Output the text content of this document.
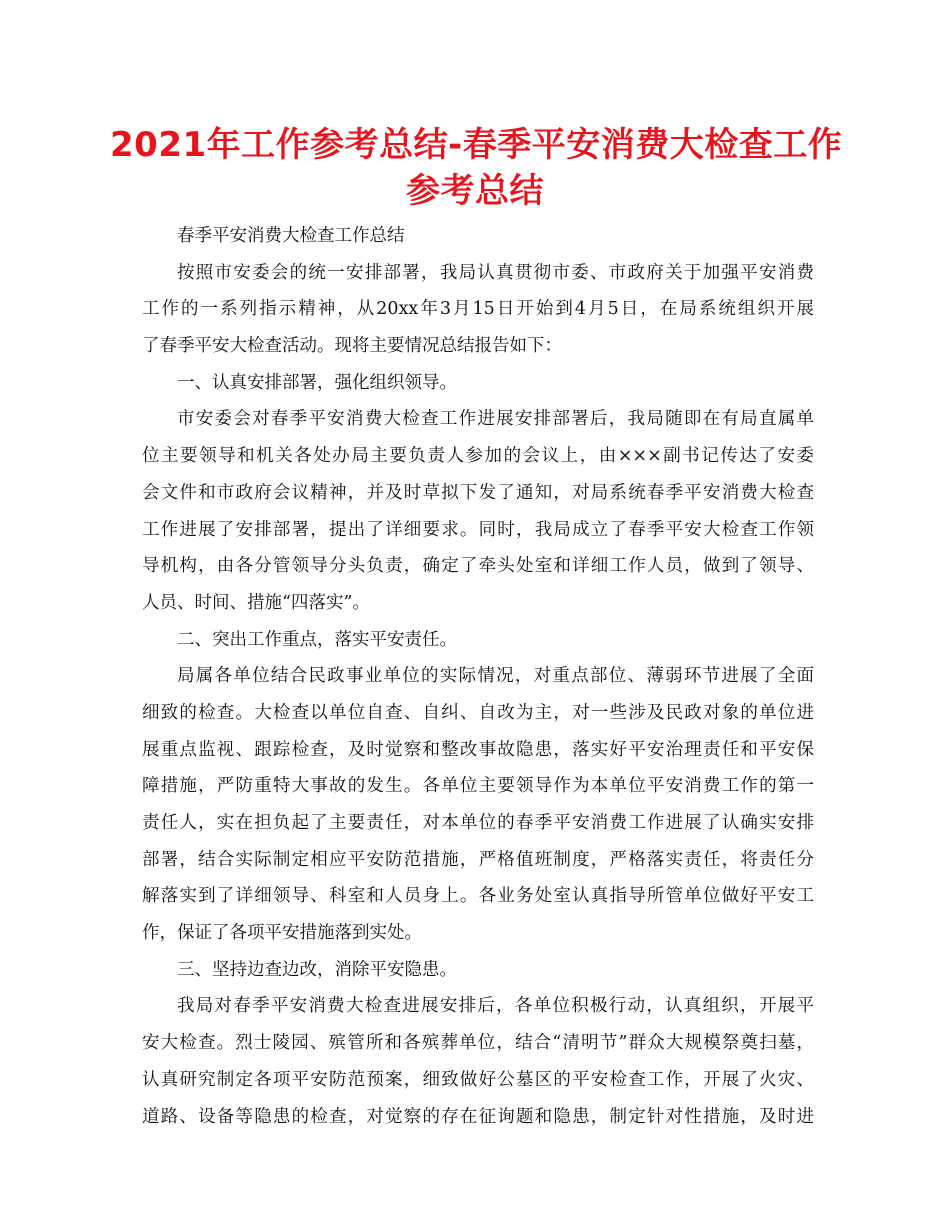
2021年工作参考总结-春季平安消费大检查工作
参考总结
春季平安消费大检查工作总结
按照市安委会的统一安排部署，我局认真贯彻市委、市政府关于加强平安消费
工作的一系列指示精神，从20xx年3月15日开始到4月5日，在局系统组织开展
了春季平安大检查活动。现将主要情况总结报告如下：
一、认真安排部署，强化组织领导。
市安委会对春季平安消费大检查工作进展安排部署后，我局随即在有局直属单
位主要领导和机关各处办局主要负责人参加的会议上，由×××副书记传达了安委
会文件和市政府会议精神，并及时草拟下发了通知，对局系统春季平安消费大检查
工作进展了安排部署，提出了详细要求。同时，我局成立了春季平安大检查工作领
导机构，由各分管领导分头负责，确定了牵头处室和详细工作人员，做到了领导、
人员、时间、措施“四落实”。
二、突出工作重点，落实平安责任。
局属各单位结合民政事业单位的实际情况，对重点部位、薄弱环节进展了全面
细致的检查。大检查以单位自查、自纠、自改为主，对一些涉及民政对象的单位进
展重点监视、跟踪检查，及时觉察和整改事故隐患，落实好平安治理责任和平安保
障措施，严防重特大事故的发生。各单位主要领导作为本单位平安消费工作的第一
责任人，实在担负起了主要责任，对本单位的春季平安消费工作进展了认确实安排
部署，结合实际制定相应平安防范措施，严格值班制度，严格落实责任，将责任分
解落实到了详细领导、科室和人员身上。各业务处室认真指导所管单位做好平安工
作，保证了各项平安措施落到实处。
三、坚持边查边改，消除平安隐患。
我局对春季平安消费大检查进展安排后，各单位积极行动，认真组织，开展平
安大检查。烈士陵园、殡管所和各殡葬单位，结合“清明节”群众大规模祭奠扫墓，
认真研究制定各项平安防范预案，细致做好公墓区的平安检查工作，开展了火灾、
道路、设备等隐患的检查，对觉察的存在征询题和隐患，制定针对性措施，及时进
